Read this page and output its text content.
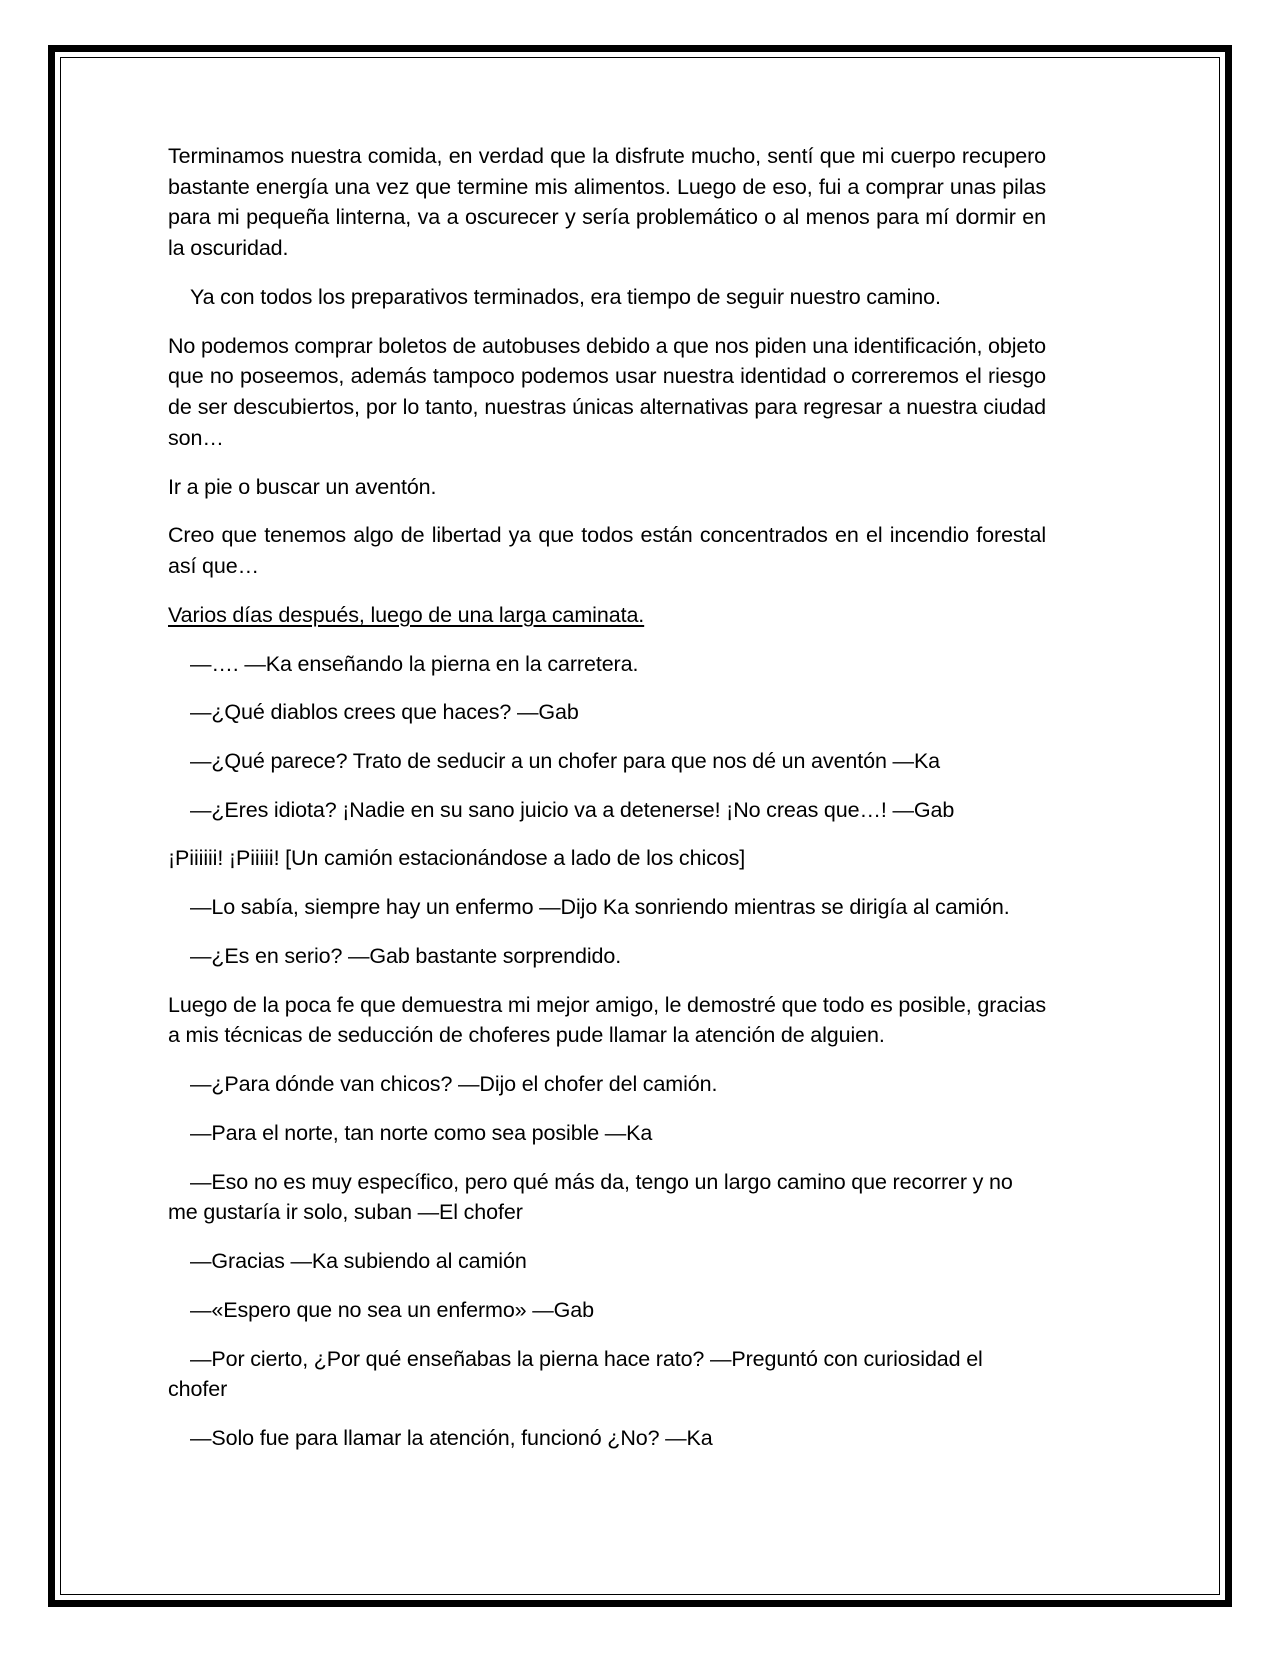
Terminamos nuestra comida, en verdad que la disfrute mucho, sentí que mi cuerpo recupero bastante energía una vez que termine mis alimentos. Luego de eso, fui a comprar unas pilas para mi pequeña linterna, va a oscurecer y sería problemático o al menos para mí dormir en la oscuridad.

Ya con todos los preparativos terminados, era tiempo de seguir nuestro camino.

No podemos comprar boletos de autobuses debido a que nos piden una identificación, objeto que no poseemos, además tampoco podemos usar nuestra identidad o correremos el riesgo de ser descubiertos, por lo tanto, nuestras únicas alternativas para regresar a nuestra ciudad son…

Ir a pie o buscar un aventón.

Creo que tenemos algo de libertad ya que todos están concentrados en el incendio forestal así que…

Varios días después, luego de una larga caminata.

—…. —Ka enseñando la pierna en la carretera.

—¿Qué diablos crees que haces? —Gab

—¿Qué parece? Trato de seducir a un chofer para que nos dé un aventón —Ka

—¿Eres idiota? ¡Nadie en su sano juicio va a detenerse! ¡No creas que…! —Gab

¡Piiiiii! ¡Piiiii! [Un camión estacionándose a lado de los chicos]

—Lo sabía, siempre hay un enfermo —Dijo Ka sonriendo mientras se dirigía al camión.

—¿Es en serio? —Gab bastante sorprendido.

Luego de la poca fe que demuestra mi mejor amigo, le demostré que todo es posible, gracias a mis técnicas de seducción de choferes pude llamar la atención de alguien.

—¿Para dónde van chicos? —Dijo el chofer del camión.

—Para el norte, tan norte como sea posible —Ka

—Eso no es muy específico, pero qué más da, tengo un largo camino que recorrer y no me gustaría ir solo, suban —El chofer

—Gracias —Ka subiendo al camión

—«Espero que no sea un enfermo» —Gab

—Por cierto, ¿Por qué enseñabas la pierna hace rato? —Preguntó con curiosidad el chofer

—Solo fue para llamar la atención, funcionó ¿No? —Ka
